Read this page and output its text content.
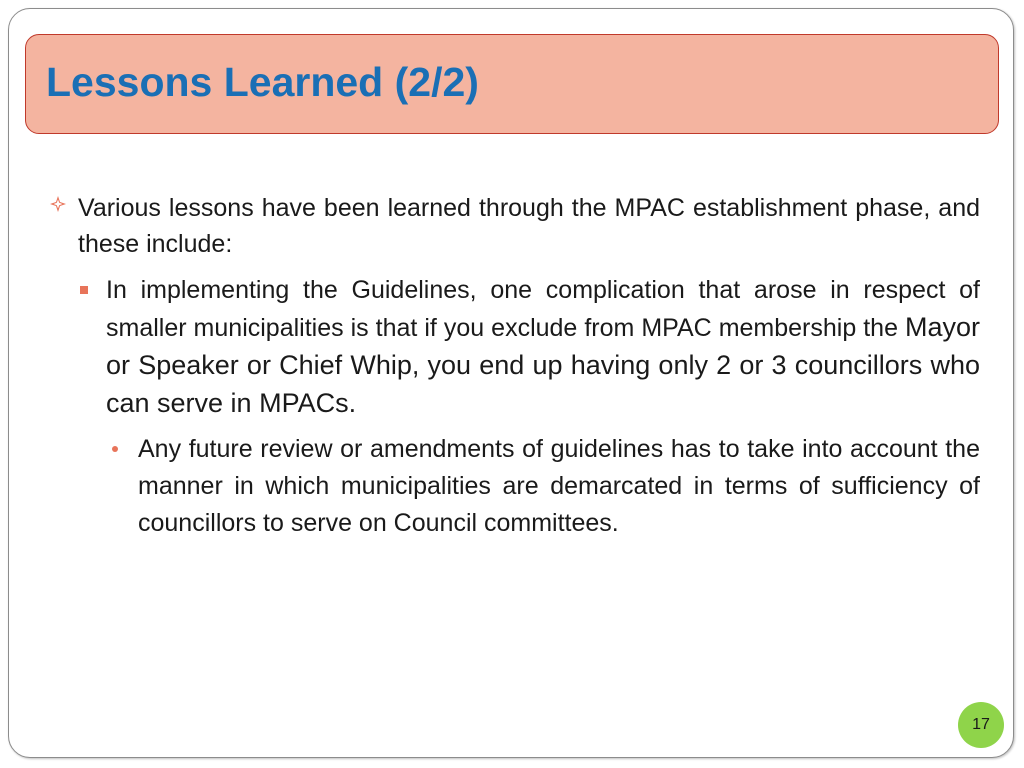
Lessons Learned (2/2)
Various lessons have been learned through the MPAC establishment phase, and these include:
In implementing the Guidelines, one complication that arose in respect of smaller municipalities is that if you exclude from MPAC membership the Mayor or Speaker or Chief Whip, you end up having only 2 or 3 councillors who can serve in MPACs.
Any future review or amendments of guidelines has to take into account the manner in which municipalities are demarcated in terms of sufficiency of councillors to serve on Council committees.
17
